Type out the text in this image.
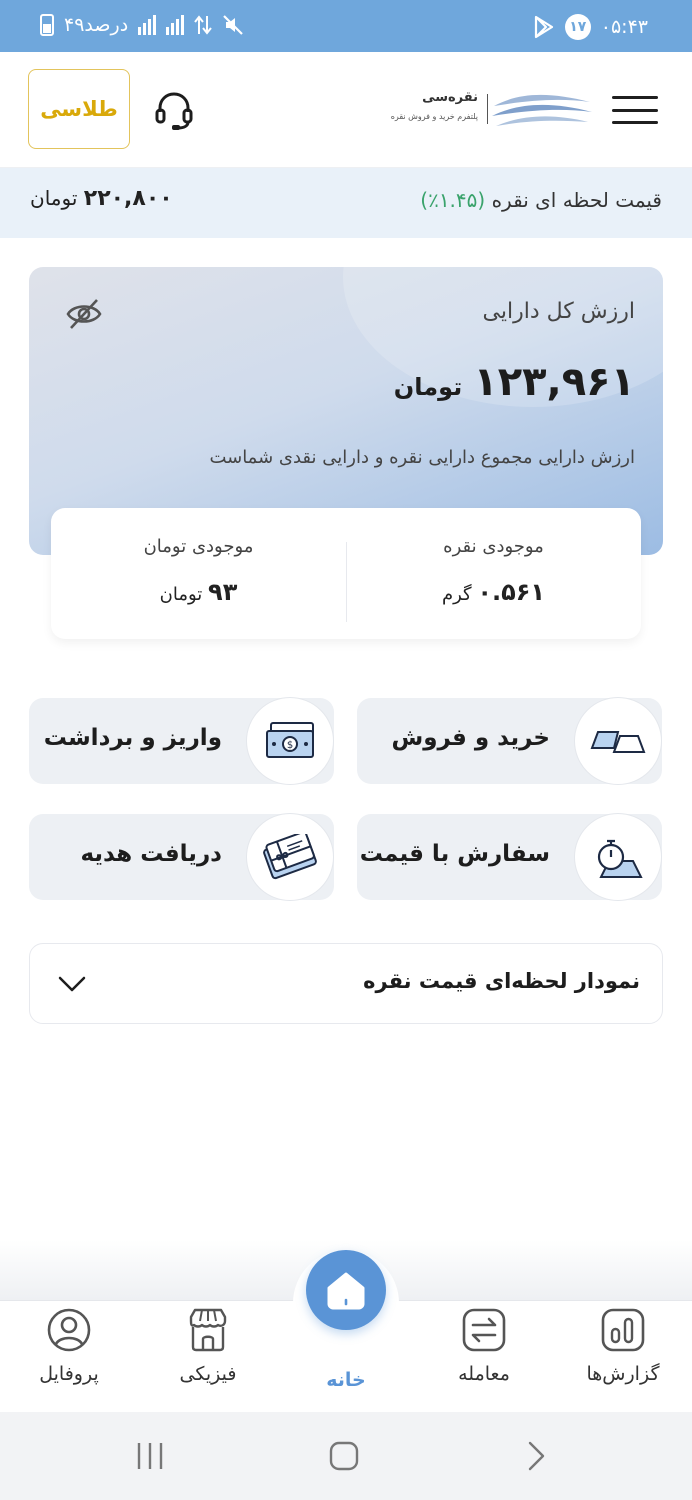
۱۷ ۰۵:۴۳
۴۹درصد
نقره‌سی
پلتفرم خرید و فروش نقره
طلاسی
قیمت لحظه ای نقره (۱.۴۵٪)
۲۲۰,۸۰۰ تومان
ارزش کل دارایی
۱۲۳,۹۶۱ تومان
ارزش دارایی مجموع دارایی نقره و دارایی نقدی شماست
موجودی نقره
۰.۵۶۱ گرم
موجودی تومان
۹۳ تومان
خرید و فروش
$
واریز و برداشت
سفارش با قیمت
دریافت هدیه
نمودار لحظه‌ای قیمت نقره
گزارش‌ها
معامله
خانه
فیزیکی
پروفایل
